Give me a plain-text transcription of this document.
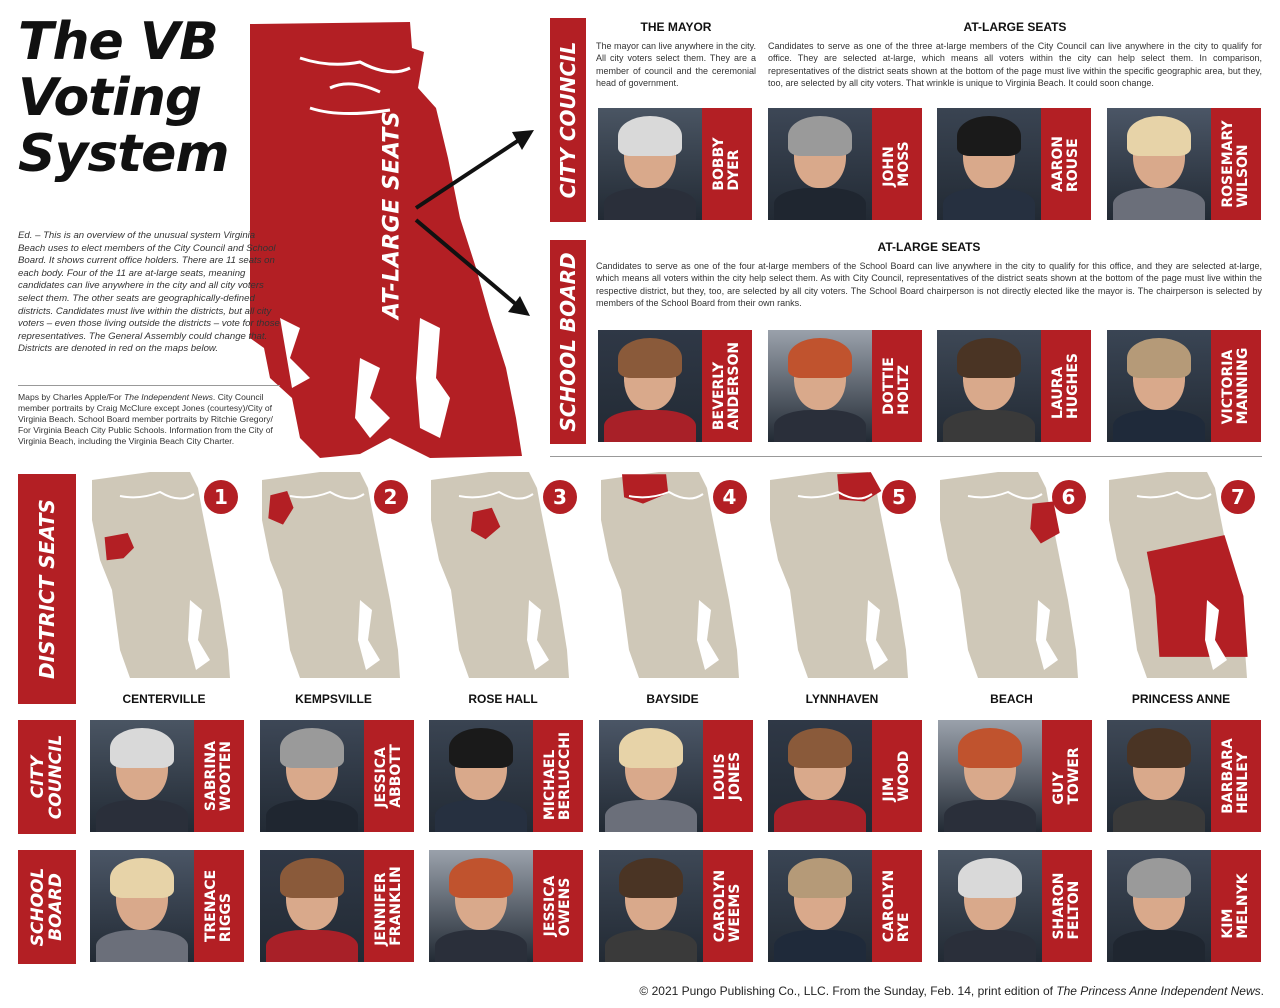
The VB Voting System	AT-LARGE SEATS
Ed. – This is an overview of the unusual system Virginia Beach uses to elect members of the City Council and School Board. It shows current office holders. There are 11 seats on each body. Four of the 11 are at-large seats, meaning candidates can live anywhere in the city and all city voters select them. The other seats are geographically-defined districts. Candidates must live within the districts, but all city voters – even those living outside the districts – vote for those representatives. The General Assembly could change that. Districts are denoted in red on the maps below.
Maps by Charles Apple/For The Independent News. City Council member portraits by Craig McClure except Jones (courtesy)/City of Virginia Beach. School Board member portraits by Ritchie Gregory/ For Virginia Beach City Public Schools. Information from the City of Virginia Beach, including the Virginia Beach City Charter.
CITY COUNCIL
THE MAYOR
The mayor can live anywhere in the city. All city voters select them. They are a member of council and the ceremonial head of government.
AT-LARGE SEATS
Candidates to serve as one of the three at-large members of the City Council can live anywhere in the city to qualify for office. They are selected at-large, which means all voters within the city can help select them. In comparison, representatives of the district seats shown at the bottom of the page must live within the specific geographic area, but they, too, are selected by all city voters. That wrinkle is unique to Virginia Beach. It could soon change.
BOBBY
DYER	JOHN
MOSS	AARON
ROUSE	ROSEMARY
WILSON
SCHOOL BOARD
AT-LARGE SEATS
Candidates to serve as one of the four at-large members of the School Board can live anywhere in the city to qualify for this office, and they are selected at-large, which means all voters within the city help select them. As with City Council, representatives of the district seats shown at the bottom of the page must live within the respective district, but they, too, are selected by all city voters. The School Board chairperson is not directly elected like the mayor is. The chairperson is selected by members of the School Board from their own ranks.
BEVERLY
ANDERSON	DOTTIE
HOLTZ	LAURA
HUGHES	VICTORIA
MANNING
DISTRICT SEATS
CITY COUNCIL
SCHOOL BOARD
1
CENTERVILLE
SABRINA
WOOTEN
TRENACE
RIGGS
2
KEMPSVILLE
JESSICA
ABBOTT
JENNIFER
FRANKLIN
3
ROSE HALL
MICHAEL
BERLUCCHI
JESSICA
OWENS
4
BAYSIDE
LOUIS
JONES
CAROLYN
WEEMS
5
LYNNHAVEN
JIM
WOOD
CAROLYN
RYE
6
BEACH
GUY
TOWER
SHARON
FELTON
7
PRINCESS ANNE
BARBARA
HENLEY
KIM
MELNYK
© 2021 Pungo Publishing Co., LLC. From the Sunday, Feb. 14, print edition of The Princess Anne Independent News.
